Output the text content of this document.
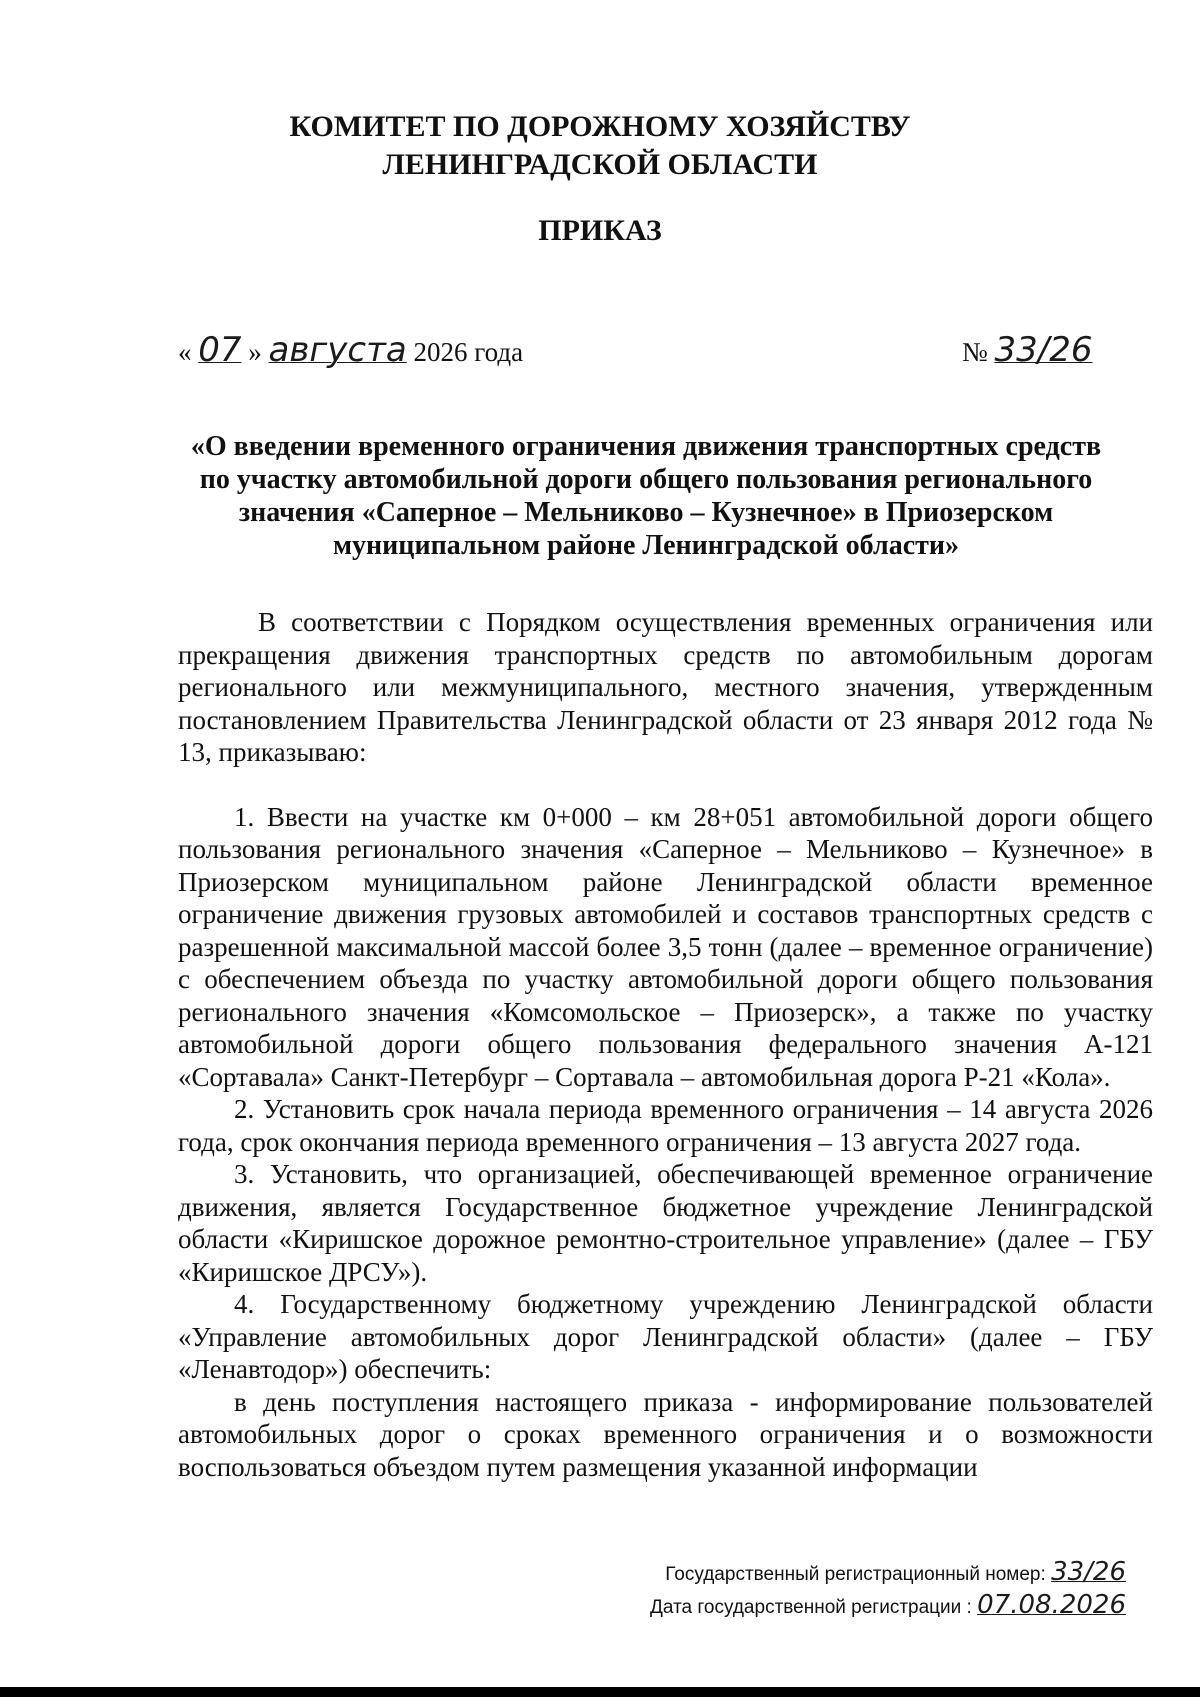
КОМИТЕТ ПО ДОРОЖНОМУ ХОЗЯЙСТВУ
ЛЕНИНГРАДСКОЙ ОБЛАСТИ
ПРИКАЗ
« 07 » августа 2026 года	№ 33/26
«О введении временного ограничения движения транспортных средств
по участку автомобильной дороги общего пользования регионального
значения «Саперное – Мельниково – Кузнечное» в Приозерском
муниципальном районе Ленинградской области»

В соответствии с Порядком осуществления временных ограничения или прекращения движения транспортных средств по автомобильным дорогам регионального или межмуниципального, местного значения, утвержденным постановлением Правительства Ленинградской области от 23 января 2012 года № 13, приказываю:

1. Ввести на участке км 0+000 – км 28+051 автомобильной дороги общего пользования регионального значения «Саперное – Мельниково – Кузнечное» в Приозерском муниципальном районе Ленинградской области временное ограничение движения грузовых автомобилей и составов транспортных средств с разрешенной максимальной массой более 3,5 тонн (далее – временное ограничение) с обеспечением объезда по участку автомобильной дороги общего пользования регионального значения «Комсомольское – Приозерск», а также по участку автомобильной дороги общего пользования федерального значения А-121 «Сортавала» Санкт-Петербург – Сортавала – автомобильная дорога Р-21 «Кола».

2. Установить срок начала периода временного ограничения – 14 августа 2026 года, срок окончания периода временного ограничения – 13 августа 2027 года.

3. Установить, что организацией, обеспечивающей временное ограничение движения, является Государственное бюджетное учреждение Ленинградской области «Киришское дорожное ремонтно-строительное управление» (далее – ГБУ «Киришское ДРСУ»).

4. Государственному бюджетному учреждению Ленинградской области «Управление автомобильных дорог Ленинградской области» (далее – ГБУ «Ленавтодор») обеспечить:

в день поступления настоящего приказа - информирование пользователей автомобильных дорог о сроках временного ограничения и о возможности воспользоваться объездом путем размещения указанной информации

Государственный регистрационный номер: 33/26
Дата государственной регистрации : 07.08.2026
